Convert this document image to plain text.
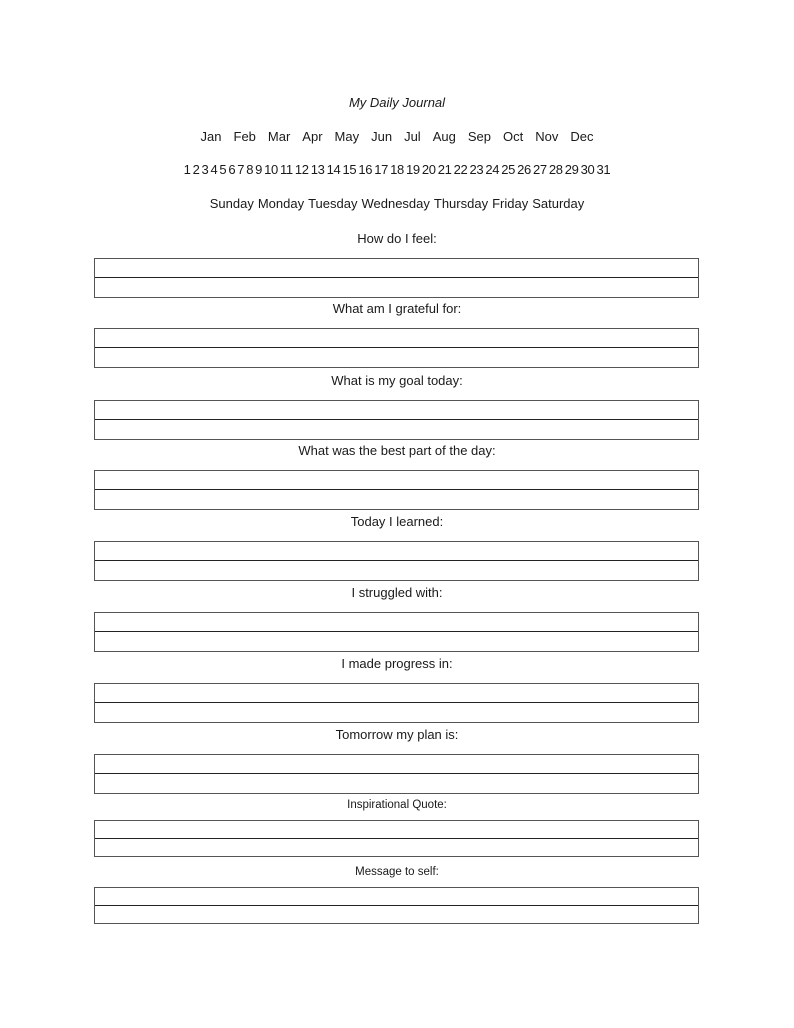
My Daily Journal
Jan Feb Mar Apr May Jun Jul Aug Sep Oct Nov Dec
1 2 3 4 5 6 7 8 9 10 11 12 13 14 15 16 17 18 19 20 21 22 23 24 25 26 27 28 29 30 31
Sunday Monday Tuesday Wednesday Thursday Friday Saturday
How do I feel:
What am I grateful for:
What is my goal today:
What was the best part of the day:
Today I learned:
I struggled with:
I made progress in:
Tomorrow my plan is:
Inspirational Quote:
Message to self:
